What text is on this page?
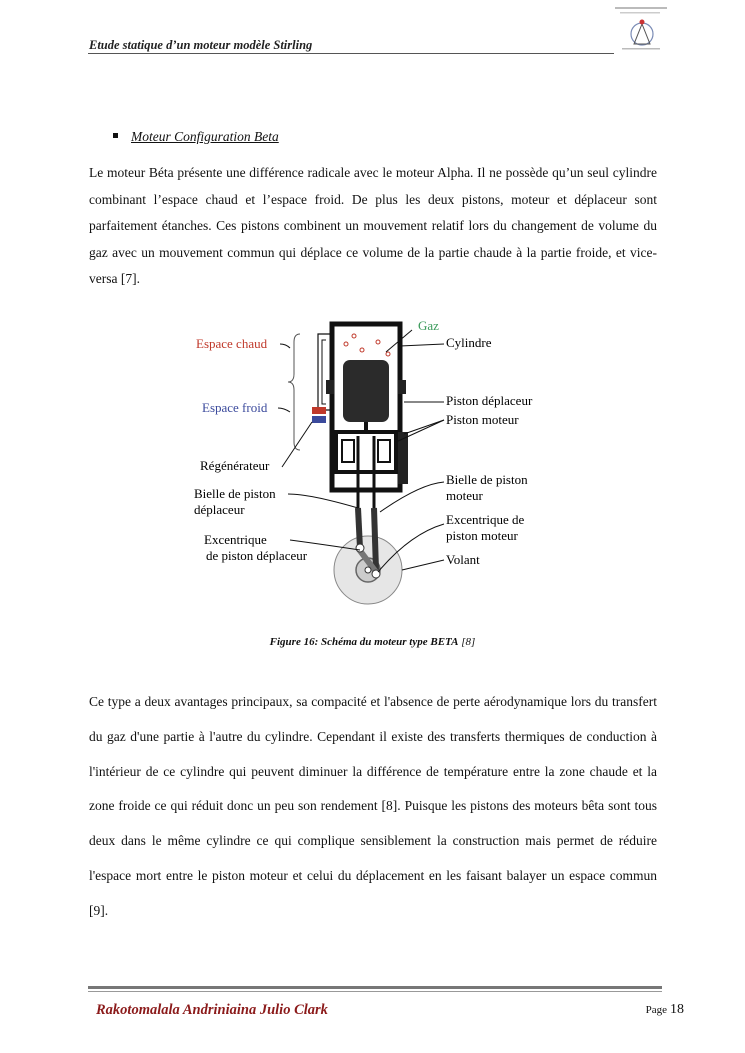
Etude statique d’un moteur modèle Stirling
Moteur Configuration Beta

Le moteur Béta présente une différence radicale avec le moteur Alpha. Il ne possède qu’un seul cylindre combinant l’espace chaud et l’espace froid. De plus les deux pistons, moteur et déplaceur sont parfaitement étanches. Ces pistons combinent un mouvement relatif lors du changement de volume du gaz avec un mouvement commun qui déplace ce volume de la partie chaude à la partie froide, et vice-versa [7].

Gaz
Cylindre
Espace chaud
Espace froid	Piston déplaceur
Piston moteur
Régénérateur
Bielle de piston
déplaceur
Bielle de piston
moteur
Excentrique
de piston déplaceur
Excentrique de
piston moteur
Volant
Figure 16: Schéma du moteur type BETA [8]

Ce type a deux avantages principaux, sa compacité et l'absence de perte aérodynamique lors du transfert du gaz d'une partie à l'autre du cylindre. Cependant il existe des transferts thermiques de conduction à l'intérieur de ce cylindre qui peuvent diminuer la différence de température entre la zone chaude et la zone froide ce qui réduit donc un peu son rendement [8]. Puisque les pistons des moteurs bêta sont tous deux dans le même cylindre ce qui complique sensiblement la construction mais permet de réduire l'espace mort entre le piston moteur et celui du déplacement en les faisant balayer un espace commun [9].

Rakotomalala Andriniaina Julio Clark	Page 18
